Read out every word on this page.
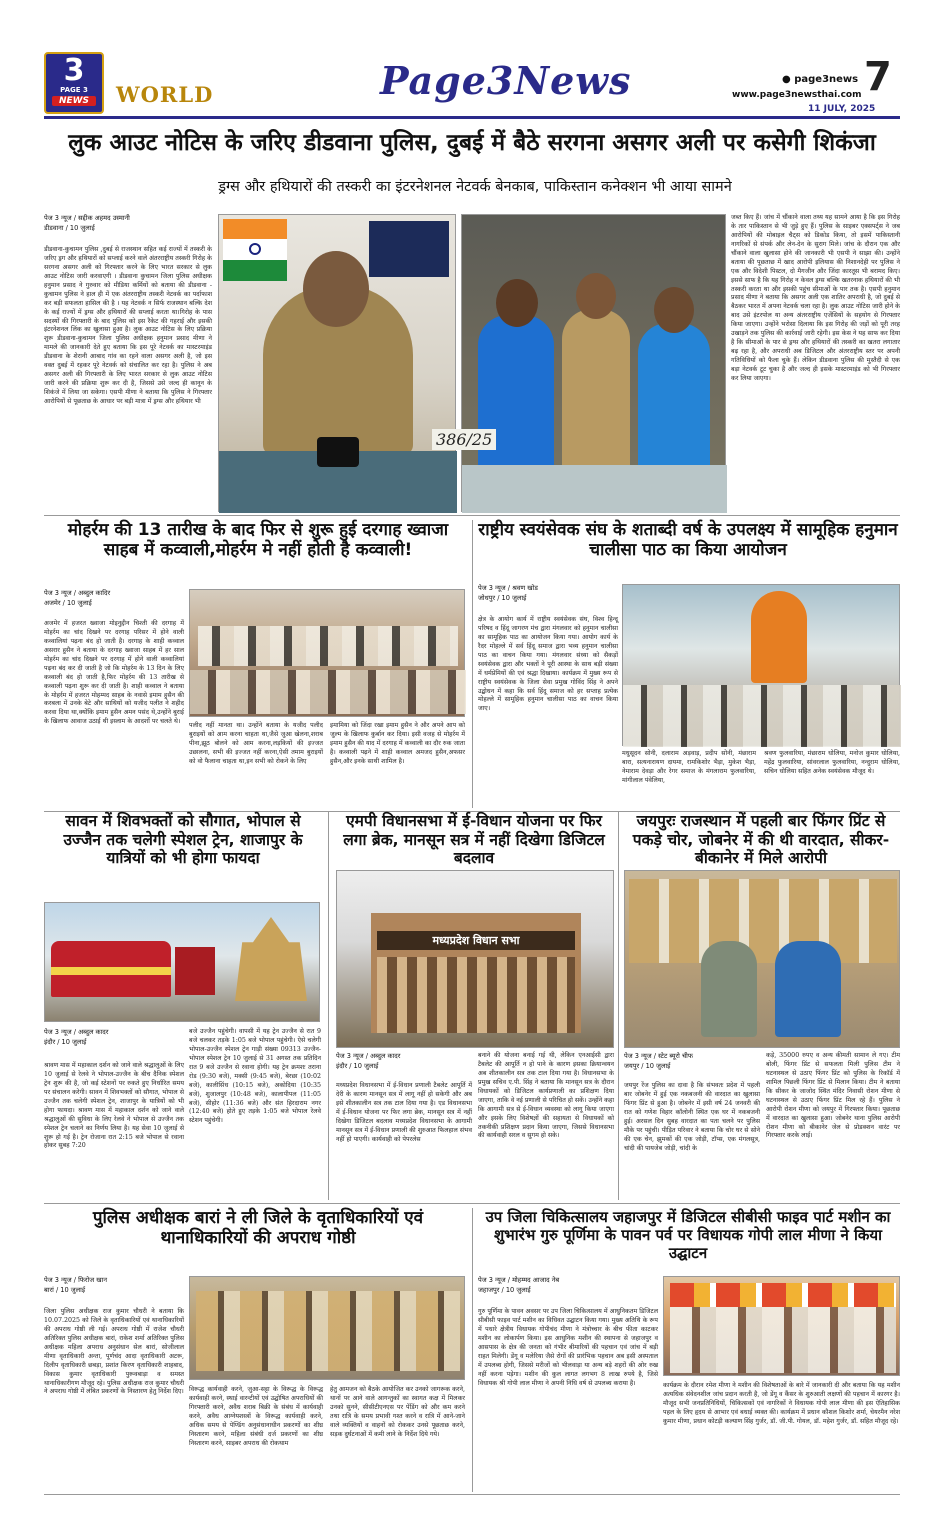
3
PAGE 3
NEWS	WORLD	Page3News	● page3news
www.page3newsthai.com 7
11 JULY, 2025
लुक आउट नोटिस के जरिए डीडवाना पुलिस, दुबई में बैठे सरगना असगर अली पर कसेगी शिकंजा
ड्रग्स और हथियारों की तस्करी का इंटरनेशनल नेटवर्क बेनकाब, पाकिस्तान कनेक्शन भी आया सामने
पेज 3 न्यूज / सद्दीक अहमद उस्मानी
डीडवाना / 10 जुलाई
डीडवाना-कुचामन पुलिस ,दुबई से राजस्थान सहित कई राज्यों में तस्करी के जरिए ड्रग और हथियारों को सप्लाई करने वाले अंतरराष्ट्रीय तस्करी गिरोह के सरगना असगर अली को गिरफ्तार करने के लिए भारत सरकार से लुक आउट नोटिस जारी करवाएगी । डीडवाना कुचामन जिला पुलिस अधीक्षक हनुमान प्रसाद ने गुरुवार को मीडिया कर्मियों को बताया की डीडवाना - कुचामन पुलिस ने हाल ही में एक अंतरराष्ट्रीय तस्करी नेटवर्क का पर्दाफाश कर बड़ी सफलता हासिल की है । यह नेटवर्क न सिर्फ राजस्थान बल्कि देश के कई राज्यों में ड्रग्स और हथियारों की सप्लाई करता था।गिरोह के पास सदस्यों की गिरफ्तारी के बाद पुलिस को इस रैकेट की गहराई और इसकी इंटरनेशनल लिंक का खुलासा हुआ है। लुक आउट नोटिस के लिए प्रक्रिया शुरू डीडवाना-कुचामन जिला पुलिस अधीक्षक हनुमान प्रसाद मीणा ने मामले की जानकारी देते हुए बताया कि इस पूरे नेटवर्क का मास्टरमाइंड डीडवाना के शेरानी आबाद गांव का रहने वाला असगर अली है, जो इस वक्त दुबई में रहकर पूरे नेटवर्क को संचालित कर रहा है। पुलिस ने अब असगर अली की गिरफ्तारी के लिए भारत सरकार से लुक आउट नोटिस जारी करने की प्रक्रिया शुरू कर दी है, जिससे उसे जल्द ही कानून के शिकंजे में लिया जा सकेगा। एसपी मीणा ने बताया कि पुलिस ने गिरफ्तार आरोपियों से पूछताछ के आधार पर बड़ी मात्रा में ड्रग्स और हथियार भी
386/25
जब्त किए हैं। जांच में चौंकाने वाला तथ्य यह सामने आया है कि इस गिरोह के तार पाकिस्तान से भी जुड़े हुए हैं। पुलिस के साइबर एक्सपर्ट्स ने जब आरोपियों की मोबाइल चैट्स को डिकोड किया, तो इसमें पाकिस्तानी नागरिकों से संपर्क और लेन-देन के सुराग मिले। जांच के दौरान एक और चौंकाने वाला खुलासा होने की जानकारी भी एसपी ने साझा की। उन्होंने बताया की पूछताछ में खाद आरोपी इलियास की निशानदेही पर पुलिस ने एक और विदेशी पिस्टल, दो मैगजीन और जिंदा कारतूस भी बरामद किए। इससे साफ है कि यह गिरोह न केवल ड्रग्स बल्कि खतरनाक हथियारों की भी तस्करी करता था और इसकी पहुंच सीमाओं के पार तक है। एसपी हनुमान प्रसाद मीणा ने बताया कि असगर अली एक शातिर अपराधी है, जो दुबई से बैठकर भारत में अपना नेटवर्क चला रहा है। लुक आउट नोटिस जारी होने के बाद उसे इंटरपोल या अन्य अंतरराष्ट्रीय एजेंसियों के सहयोग से गिरफ्तार किया जाएगा। उन्होंने भरोसा दिलाया कि इस गिरोह की जड़ों को पूरी तरह उखाड़ने तक पुलिस की कार्रवाई जारी रहेगी। इस केस ने यह साफ कर दिया है कि सीमाओं के पार से ड्रग्स और हथियारों की तस्करी का खतरा लगातार बढ़ रहा है, और अपराधी अब डिजिटल और अंतरराष्ट्रीय स्तर पर अपनी गतिविधियों को फैला चुके हैं। लेकिन डीडवाना पुलिस की मुस्तैदी से एक बड़ा नेटवर्क टूट चुका है और जल्द ही इसके मास्टरमाइंड को भी गिरफ्तार कर लिया जाएगा।
मोहर्रम की 13 तारीख के बाद फिर से शुरू हुई दरगाह ख्वाजा साहब में कव्वाली,मोहर्रम मे नहीं होती है कव्वाली!
राष्ट्रीय स्वयंसेवक संघ के शताब्दी वर्ष के उपलक्ष्य में सामूहिक हनुमान चालीसा पाठ का किया आयोजन
पेज 3 न्यूज / अब्दुल कादिर
अजमेर / 10 जुलाई
अजमेर में हजरत ख्वाजा मोइनुद्दीन चिश्ती की दरगाह में मोहर्रम का चांद दिखने पर दरगाह परिसर में होने वाली कव्वालियां पढ़ना बंद हो जाती है। दरगाह के शाही कव्वाल असरार हुसैन ने बताया के दरगाह ख्वाजा साहब में हर साल मोहर्रम का चांद दिखने पर दरगाह में होने वाली कव्वालियां पढ़ना बंद कर दी जाती है जो कि मोहर्रम के 13 दिन के लिए कव्वाली बंद हो जाती है,फिर मोहर्रम की 13 तारीख से कव्वाली पढ़ना शुरू कर दी जाती है। शाही कव्वाल ने बताया के मोहर्रम में हजरत मोहम्मद साहब के नवासे इमाम हुसैन की करबला में उनके बेटे और साथियों को यजीद पलीत ने शहीद करवा दिया था,क्योंकि इमाम हुसैन अमन पसंद थे,उन्होंने बुराई के खिलाफ आवाज उठाई थी इस्लाम के आदर्शो पर चलते थे।
पलीद नहीं मानता था। उन्होंने बताया के यजीद पलीद बुराइयों को आम करना चाहता था,जैसे जुआ खेलना,शराब पीना,झूठ बोलने को आम करना,लड़कियों की इज्जत उछालना, सभी की इज्जत नहीं करना,ऐसी तमाम बुराइयों को वो फैलाना चाहता था,इन सभी को रोकने के लिए
इमामिया को जिंदा रखा इमाम हुसैन ने और अपने आप को जुल्म के खिलाफ कुर्बान कर दिया। इसी वजह से मोहर्रम में इमाम हुसैन की याद में दरगाह में कव्वाली का दौर रुक जाता है। कव्वाली पढ़ने में शाही कव्वाल अमजद हुसैन,अफसर हुसैन,और इनके साथी शामिल है।
पेज 3 न्यूज / श्रवण खोड
जोधपुर / 10 जुलाई
क्षेत्र के आयोग कार्य में राष्ट्रीय स्वयंसेवक संघ, विश्व हिन्दू परिषद व हिंदू जागरण मंच द्वारा मंगलवार को हनुमान चालीसा का सामूहिक पाठ का आयोजन किया गया। आयोग कार्य के रैदर मोहल्ले में सर्व हिंदू समाज द्वारा भव्य हनुमान चालीसा पाठ का वाचन किया गया। मंगलवार संध्या को सैकड़ों स्वयंसेवक द्वारा और भक्तों ने पूरी आस्था के साथ बड़ी संख्या में धर्मप्रेमियों की एवं श्रद्धा दिखाया। कार्यक्रम में मुख्य रूप से राष्ट्रीय स्वयंसेवक के जिला सेवा प्रमुख गोविंद सिंह ने अपने उद्बोधन में कहा कि सर्व हिंदू समाज को हर सप्ताह प्रत्येक मोहल्ले में सामूहिक हनुमान चालीसा पाठ का वाचन किया जाए।
मधुसूदन सोनी, दलाराम अड़वाड़, प्रदीप सोनी, मंछाराम बारा, सत्यनारायण दायमा, रामकिशोर भैड़ा, मुकेश भैड़ा, नेमाराम देवड़ा और रेगर समाज के मंगलाराम फुलवारिया, मांगीलाल पंवेलिया,
श्रवण फुलवारिया, मंछाराम धोलिया, मनोज कुमार धोलिया, महेंद्र फुलवारिया, सांवरलाल फुलवारिया, नन्दुराम धोलिया, सचिन धोलिया सहित अनेक स्वयंसेवक मौजूद थे।
सावन में शिवभक्तों को सौगात, भोपाल से उज्जैन तक चलेगी स्पेशल ट्रेन, शाजापुर के यात्रियों को भी होगा फायदा
एमपी विधानसभा में ई-विधान योजना पर फिर लगा ब्रेक, मानसून सत्र में नहीं दिखेगा डिजिटल बदलाव
जयपुरः राजस्थान में पहली बार फिंगर प्रिंट से पकड़े चोर, जोबनेर में की थी वारदात, सीकर-बीकानेर में मिले आरोपी
पेज 3 न्यूज / अब्दुल कादर
इंदौर / 10 जुलाई
श्रावण मास में महाकाल दर्शन को जाने वाले श्रद्धालुओं के लिए 10 जुलाई से रेलवे ने भोपाल-उज्जैन के बीच दैनिक स्पेशल ट्रेन शुरू की है, जो कई स्टेशनों पर रुकते हुए निर्धारित समय पर संचालन करेगी। सावन में शिवभक्तों को सौगात, भोपाल से उज्जैन तक चलेगी स्पेशल ट्रेन, शाजापुर के यात्रियों को भी होगा फायदा। श्रावण मास में महाकाल दर्शन को जाने वाले श्रद्धालुओं की सुविधा के लिए रेलवे ने भोपाल से उज्जैन तक स्पेशल ट्रेन चलाने का निर्णय लिया है। यह सेवा 10 जुलाई से शुरू हो गई है। ट्रेन रोजाना रात 2:15 बजे भोपाल से रवाना होकर सुबह 7:20
बजे उज्जैन पहुंचेगी। वापसी में यह ट्रेन उज्जैन से रात 9 बजे चलकर तड़के 1:05 बजे भोपाल पहुंचेगी। ऐसे चलेगी भोपाल-उज्जैन स्पेशल ट्रेन गाड़ी संख्या 09313 उज्जैन-भोपाल स्पेशल ट्रेन 10 जुलाई से 31 अगस्त तक प्रतिदिन रात 9 बजे उज्जैन से रवाना होगी। यह ट्रेन क्रमशः तराना रोड (9:30 बजे), मक्सी (9:45 बजे), बेरछा (10:02 बजे), कालीसिंध (10:15 बजे), अकोदिया (10:35 बजे), शुजालपुर (10:48 बजे), कालापीपल (11:05 बजे), सीहोर (11:36 बजे) और संत हिरदाराम नगर (12:40 बजे) होते हुए तड़के 1:05 बजे भोपाल रेलवे स्टेशन पहुंचेगी।
मध्यप्रदेश विधान सभा
पेज 3 न्यूज / अब्दुल कादर
इंदौर / 10 जुलाई
मध्यप्रदेश विधानसभा में ई-विधान प्रणाली टैबलेट आपूर्ति में देरी के कारण मानसून सत्र में लागू नहीं हो सकेगी और अब इसे शीतकालीन सत्र तक टाल दिया गया है। एड विधानसभा में ई-विधान योजना पर फिर लगा ब्रेक, मानसून सत्र में नहीं दिखेगा डिजिटल बदलाव मध्यप्रदेश विधानसभा के आगामी मानसून सत्र में ई-विधान प्रणाली की शुरुआत फिलहाल संभव नहीं हो पाएगी। कार्यवाही को पेपरलेस
बनाने की योजना बनाई गई थी, लेकिन एनआईसी द्वारा टैबलेट की आपूर्ति न हो पाने के कारण इसका क्रियान्वयन अब शीतकालीन सत्र तक टाल दिया गया है। विधानसभा के प्रमुख सचिव ए.पी. सिंह ने बताया कि मानसून सत्र के दौरान विधायकों को डिजिटल कार्यप्रणाली का प्रशिक्षण दिया जाएगा, ताकि वे नई प्रणाली से परिचित हो सकें। उन्होंने कहा कि आगामी सत्र से ई-विधान व्यवस्था को लागू किया जाएगा और इसके लिए विशेषज्ञों की सहायता से विधायकों को तकनीकी प्रशिक्षण प्रदान किया जाएगा, जिससे विधानसभा की कार्यवाही सरल व सुगम हो सके।
पेज 3 न्यूज / स्टेट ब्यूरो चीफ
जयपुर / 10 जुलाई
जयपुर रेंज पुलिस का दावा है कि संभवतः प्रदेश में पहली बार जोबनेर में हुई एक नकबजनी की वारदात का खुलासा फिंगर प्रिंट से हुआ है। जोबनेर में इसी वर्ष 24 जनवरी की रात को गणेश विहार कॉलोनी स्थित एक घर में नकबजनी हुई। अरसल दिन सुबह वारदात का पता चलने पर पुलिस मौके पर पहुंची। पीड़ित परिवार ने बताया कि चोर घर से सोने की एक चेन, झुमकों की एक जोड़ी, टॉप्स, एक मंगलसूत्र, चांदी की पायजेब जोड़ी, चांदी के
कड़े, 35000 रुपए व अन्य कीमती सामान ले गए। टीम बोली, फिंगर प्रिंट से सफलता मिली पुलिस टीम ने घटनास्थल से उठाए फिंगर प्रिंट को पुलिस के रिकॉर्ड में शामिल पिछली फिंगर प्रिंट से मिलान किया। टीम ने बताया कि सीकर के जाजोद स्थित मंदिर निवासी रोशन मीणा से घटनास्थल से उठाए फिंगर प्रिंट मिल रहे हैं। पुलिस ने आरोपी रोशन मीणा को जयपुर में गिरफ्तार किया। पूछताछ में वारदात का खुलासा हुआ। जोबनेर थाना पुलिस आरोपी रोशन मीणा को बीकानेर जेल से प्रोडक्शन वारंट पर गिरफ्तार करके लाई।
पुलिस अधीक्षक बारां ने ली जिले के वृताधिकारियों एवं थानाधिकारियों की अपराध गोष्ठी
उप जिला चिकित्सालय जहाजपुर में डिजिटल सीबीसी फाइव पार्ट मशीन का शुभारंभ गुरु पूर्णिमा के पावन पर्व पर विधायक गोपी लाल मीणा ने किया उद्घाटन
पेज 3 न्यूज / फिरोज खान
बारां / 10 जुलाई
जिला पुलिस अधीक्षक राज कुमार चौधरी ने बताया कि 10.07.2025 को जिले के वृताधिकारियों एवं थानाधिकारियों की अपराध गोष्ठी ली गई। अपराध गोष्ठी में राजेश चौधरी अतिरिक्त पुलिस अधीक्षक बारां, राकेश शर्मा अतिरिक्त पुलिस अधीक्षक महिला अपराध अनुसंधान सेल बारां, सोजीलाल मीणा वृताधिकारी अन्ता, पूर्णचंद आदा वृताधिकारी अटरू, दिलीप वृताधिकारी छबड़ा, प्रशांत किरण वृताधिकारी शाहबाद, विकास कुमार वृताधिकारी पुरूवबाड़ा व समस्त थानाधिकारीगण मौजूद रहे। पुलिस अधीक्षक राज कुमार चौधरी ने अपराध गोष्ठी में लंबित प्रकरणों के निस्तारण हेतु निर्देश दिए। विरूद्ध कार्यवाही करने, जुआ-सट्टा के विरूद्ध के विरूद्ध कार्यवाही करने, स्थाई वारन्टीयों एवं उद्घोषित अपराधियों की गिरफ्तारी करने, अवैध शराब बिक्री के संबंध में कार्यवाही करने, अवैध आग्नेयशस्त्रों के विरूद्ध कार्यवाही करने, अधिक समय से पेण्डिंग अनुसंधानाधीन प्रकरणों का शीघ्र निस्तारण करने, महिला संबंधी दर्ज प्रकरणों का शीघ्र निस्तारण करने, साइबर अपराध की रोकथाम
हेतु आमजन को बैठके आयोजित कर उनको जागरूक करने, थानों पर आने वाले आगन्तुकों का स्वागत कक्ष में मिलकर उनको सुनने, सीसीटीएनएस पर पेंडिंग को और कम करने तथा रात्रि के समय प्रभावी गश्त करने व रात्रि में आने-जाने वाले व्यक्तियों व वाहनों को रोककर उनसे पूछताछ करने, सड़क दुर्घटनाओं में कमी लाने के निर्देश दिये गये।
पेज 3 न्यूज / मोहम्मद आजाद नेब
जहाजपुर / 10 जुलाई
गुरु पूर्णिमा के पावन अवसर पर उप जिला चिकित्सालय में आधुनिकतम डिजिटल सीबीसी फाइव पार्ट मशीन का विधिवत उद्घाटन किया गया। मुख्य अतिथि के रूप में पधारे क्षेत्रीय विधायक गोपीचंद मीणा ने मंत्रोच्चार के बीच फीता काटकर मशीन का लोकार्पण किया। इस आधुनिक मशीन की स्थापना से जहाजपुर व आसपास के क्षेत्र की जनता को गंभीर बीमारियों की पहचान एवं जांच में बड़ी राहत मिलेगी। डेंगू व मलेरिया जैसे रोगों की प्रारंभिक पहचान अब इसी अस्पताल में उपलब्ध होगी, जिससे मरीजों को भीलवाड़ा या अन्य बड़े शहरों की ओर रुख नहीं करना पड़ेगा। मशीन की कुल लागत लगभग 8 लाख रुपये है, जिसे विधायक श्री गोपी लाल मीणा ने अपनी निधि वर्ष से उपलब्ध कराया है।	कार्यक्रम के दौरान रमेश मीणा ने मशीन की विशेषताओं के बारे में जानकारी दी और बताया कि यह मशीन अत्यधिक संवेदनशील जांच प्रदान करती है, जो डेंगू व कैंसर के शुरुआती लक्षणों की पहचान में कारगर है। मौजूद सभी जनप्रतिनिधियों, चिकित्सकों एवं नागरिकों ने विधायक गोपी लाल मीणा की इस ऐतिहासिक पहल के लिए हृदय से आभार एवं बधाई व्यक्त की। कार्यक्रम में प्रधान कौशल किशोर शर्मा, चेयरमैन नरेश कुमार मीणा, प्रधान कोटड़ी कल्याण सिंह गुर्जर, डॉ. जी.पी. गोयल, डॉ. महेश गुर्जर, डॉ. सहित मौजूद रहे।
